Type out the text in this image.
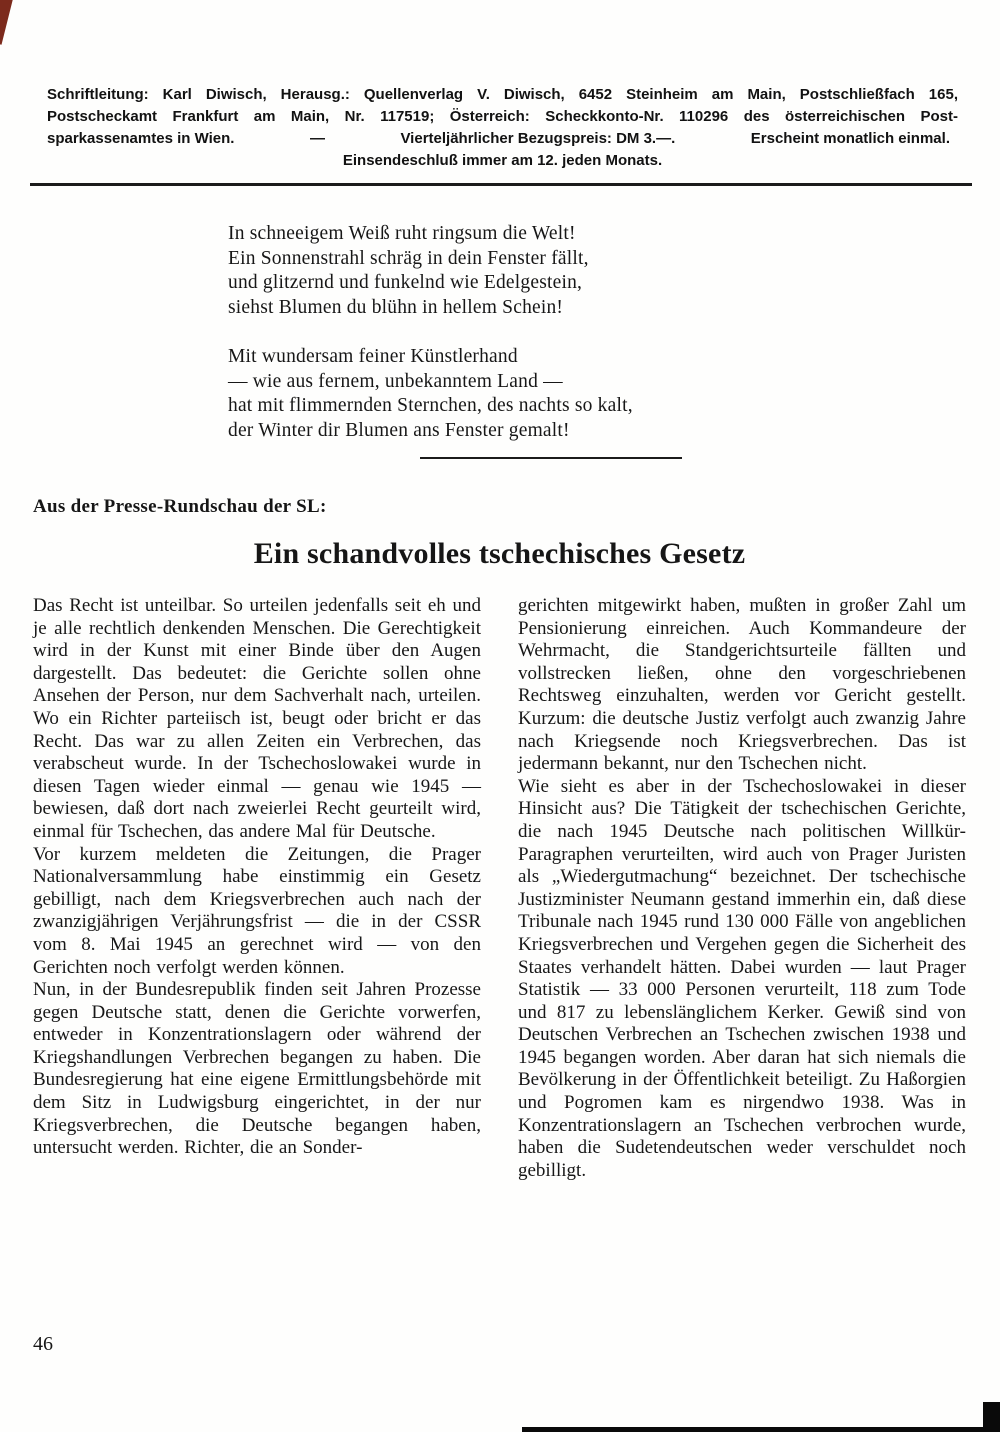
Schriftleitung: Karl Diwisch, Herausg.: Quellenverlag V. Diwisch, 6452 Steinheim am Main, Postschließfach 165,
Postscheckamt Frankfurt am Main, Nr. 117519; Österreich: Scheckkonto-Nr. 110296 des österreichischen Post-
sparkassenamtes in Wien.	—	Vierteljährlicher Bezugspreis: DM 3.—.	Erscheint monatlich einmal.
Einsendeschluß immer am 12. jeden Monats.
In schneeigem Weiß ruht ringsum die Welt!
Ein Sonnenstrahl schräg in dein Fenster fällt,
und glitzernd und funkelnd wie Edelgestein,
siehst Blumen du blühn in hellem Schein!
Mit wundersam feiner Künstlerhand
— wie aus fernem, unbekanntem Land —
hat mit flimmernden Sternchen, des nachts so kalt,
der Winter dir Blumen ans Fenster gemalt!
Aus der Presse-Rundschau der SL:
Ein schandvolles tschechisches Gesetz

Das Recht ist unteilbar. So urteilen jedenfalls seit eh und je alle rechtlich denkenden Menschen. Die Gerechtigkeit wird in der Kunst mit einer Binde über den Augen dargestellt. Das bedeutet: die Gerichte sollen ohne Ansehen der Person, nur dem Sachverhalt nach, urteilen. Wo ein Richter parteiisch ist, beugt oder bricht er das Recht. Das war zu allen Zeiten ein Verbrechen, das verabscheut wurde. In der Tschechoslowakei wurde in diesen Tagen wieder einmal — genau wie 1945 — bewiesen, daß dort nach zweierlei Recht geurteilt wird, einmal für Tschechen, das andere Mal für Deutsche.

Vor kurzem meldeten die Zeitungen, die Prager Nationalversammlung habe einstimmig ein Gesetz gebilligt, nach dem Kriegsverbrechen auch nach der zwanzigjährigen Verjährungsfrist — die in der CSSR vom 8. Mai 1945 an gerechnet wird — von den Gerichten noch verfolgt werden können.

Nun, in der Bundesrepublik finden seit Jahren Prozesse gegen Deutsche statt, denen die Gerichte vorwerfen, entweder in Konzentrationslagern oder während der Kriegshandlungen Verbrechen begangen zu haben. Die Bundesregierung hat eine eigene Ermittlungsbehörde mit dem Sitz in Ludwigsburg eingerichtet, in der nur Kriegsverbrechen, die Deutsche begangen haben, untersucht werden. Richter, die an Sonder-

gerichten mitgewirkt haben, mußten in großer Zahl um Pensionierung einreichen. Auch Kommandeure der Wehrmacht, die Standgerichtsurteile fällten und vollstrecken ließen, ohne den vorgeschriebenen Rechtsweg einzuhalten, werden vor Gericht gestellt. Kurzum: die deutsche Justiz verfolgt auch zwanzig Jahre nach Kriegsende noch Kriegsverbrechen. Das ist jedermann bekannt, nur den Tschechen nicht.

Wie sieht es aber in der Tschechoslowakei in dieser Hinsicht aus? Die Tätigkeit der tschechischen Gerichte, die nach 1945 Deutsche nach politischen Willkür-Paragraphen verurteilten, wird auch von Prager Juristen als „Wiedergutmachung“ bezeichnet. Der tschechische Justizminister Neumann gestand immerhin ein, daß diese Tribunale nach 1945 rund 130 000 Fälle von angeblichen Kriegsverbrechen und Vergehen gegen die Sicherheit des Staates verhandelt hätten. Dabei wurden — laut Prager Statistik — 33 000 Personen verurteilt, 118 zum Tode und 817 zu lebenslänglichem Kerker. Gewiß sind von Deutschen Verbrechen an Tschechen zwischen 1938 und 1945 begangen worden. Aber daran hat sich niemals die Bevölkerung in der Öffentlichkeit beteiligt. Zu Haßorgien und Pogromen kam es nirgendwo 1938. Was in Konzentrationslagern an Tschechen verbrochen wurde, haben die Sudetendeutschen weder verschuldet noch gebilligt.

46
